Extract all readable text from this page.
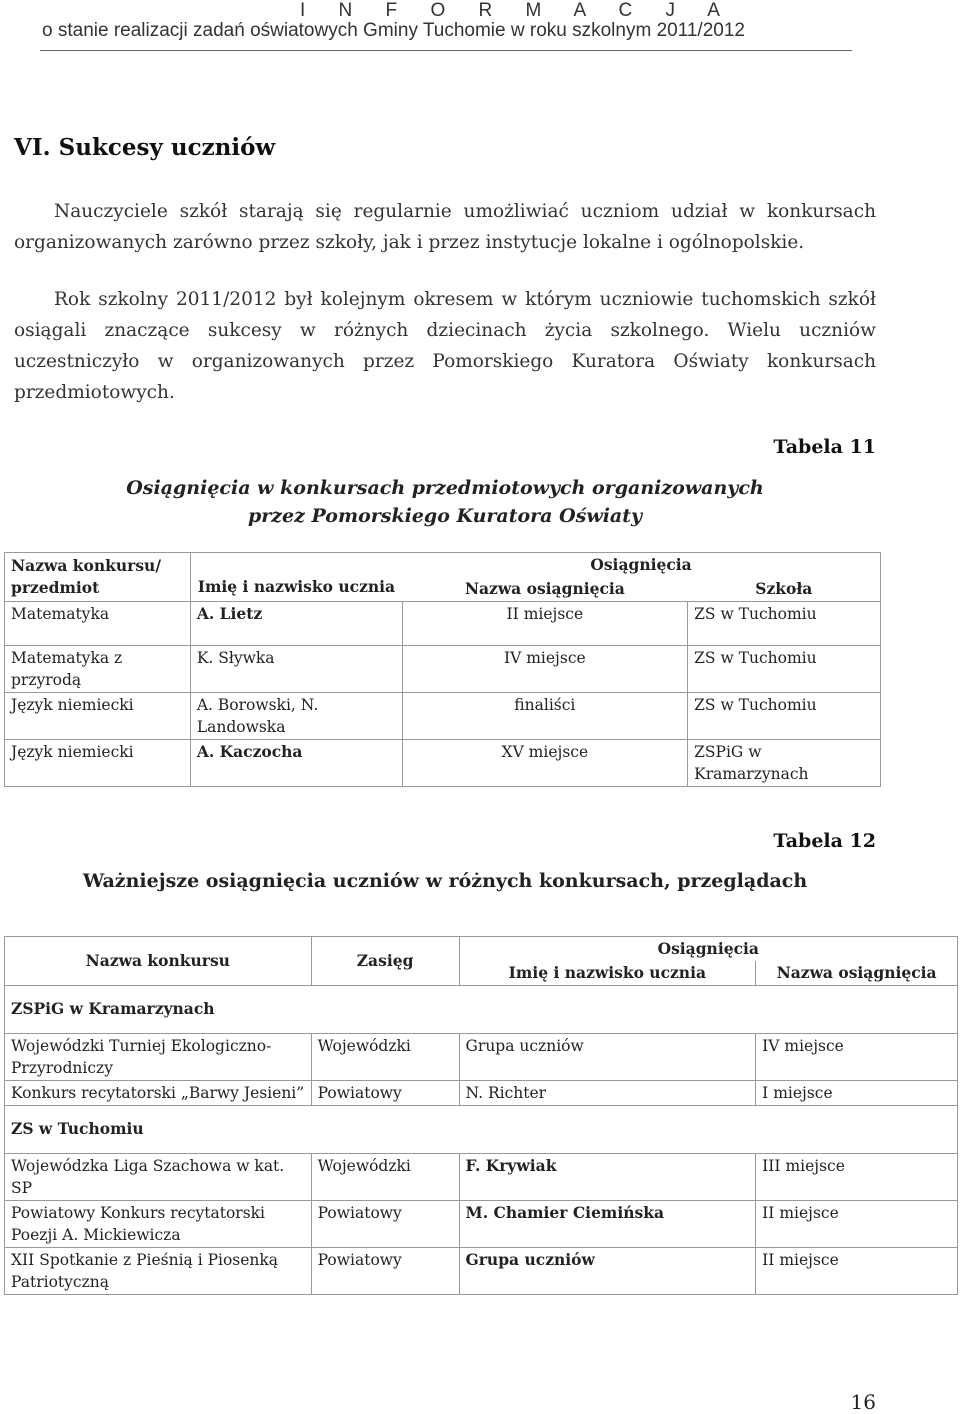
I N F O R M A C J A
o stanie realizacji zadań oświatowych Gminy Tuchomie w roku szkolnym 2011/2012
VI. Sukcesy uczniów
Nauczyciele szkół starają się regularnie umożliwiać uczniom udział w konkursach organizowanych zarówno przez szkoły, jak i przez instytucje lokalne i ogólnopolskie.
Rok szkolny 2011/2012 był kolejnym okresem w którym uczniowie tuchomskich szkół osiągali znaczące sukcesy w różnych dziecinach życia szkolnego. Wielu uczniów uczestniczyło w organizowanych przez Pomorskiego Kuratora Oświaty konkursach przedmiotowych.
Tabela 11
Osiągnięcia w konkursach przedmiotowych organizowanych
przez Pomorskiego Kuratora Oświaty
Nazwa konkursu/ przedmiot	Imię i nazwisko ucznia	Osiągnięcia	
		Nazwa osiągnięcia	Szkoła
Matematyka	A. Lietz	II miejsce	ZS w Tuchomiu
Matematyka z przyrodą	K. Sływka	IV miejsce	ZS w Tuchomiu
Język niemiecki	A. Borowski, N. Landowska	finaliści	ZS w Tuchomiu
Język niemiecki	A. Kaczocha	XV miejsce	ZSPiG w Kramarzynach
Tabela 12
Ważniejsze osiągnięcia uczniów w różnych konkursach, przeglądach
Nazwa konkursu	Zasięg	Osiągnięcia	
		Imię i nazwisko ucznia	Nazwa osiągnięcia
ZSPiG w Kramarzynach			
Wojewódzki Turniej Ekologiczno-Przyrodniczy	Wojewódzki	Grupa uczniów	IV miejsce
Konkurs recytatorski „Barwy Jesieni”	Powiatowy	N. Richter	I miejsce
ZS w Tuchomiu			
Wojewódzka Liga Szachowa w kat. SP	Wojewódzki	F. Krywiak	III miejsce
Powiatowy Konkurs recytatorski Poezji A. Mickiewicza	Powiatowy	M. Chamier Ciemińska	II miejsce
XII Spotkanie z Pieśnią i Piosenką Patriotyczną	Powiatowy	Grupa uczniów	II miejsce
16
